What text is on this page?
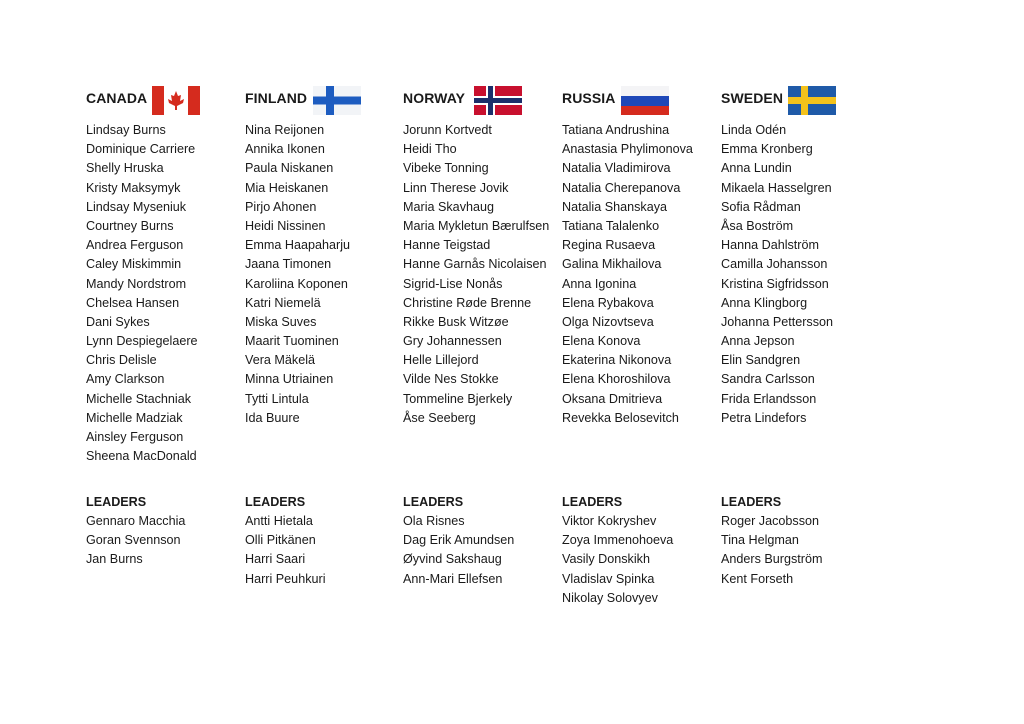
CANADA
Lindsay Burns
Dominique Carriere
Shelly Hruska
Kristy Maksymyk
Lindsay Myseniuk
Courtney Burns
Andrea Ferguson
Caley Miskimmin
Mandy Nordstrom
Chelsea Hansen
Dani Sykes
Lynn Despiegelaere
Chris Delisle
Amy Clarkson
Michelle Stachniak
Michelle Madziak
Ainsley Ferguson
Sheena MacDonald
LEADERS
Gennaro Macchia
Goran Svennson
Jan Burns
FINLAND
Nina Reijonen
Annika Ikonen
Paula Niskanen
Mia Heiskanen
Pirjo Ahonen
Heidi Nissinen
Emma Haapaharju
Jaana Timonen
Karoliina Koponen
Katri Niemelä
Miska Suves
Maarit Tuominen
Vera Mäkelä
Minna Utriainen
Tytti Lintula
Ida Buure
LEADERS
Antti Hietala
Olli Pitkänen
Harri Saari
Harri Peuhkuri
NORWAY
Jorunn Kortvedt
Heidi Tho
Vibeke Tonning
Linn Therese Jovik
Maria Skavhaug
Maria Mykletun Bærulfsen
Hanne Teigstad
Hanne Garnås Nicolaisen
Sigrid-Lise Nonås
Christine Røde Brenne
Rikke Busk Witzøe
Gry Johannessen
Helle Lillejord
Vilde Nes Stokke
Tommeline Bjerkely
Åse Seeberg
LEADERS
Ola Risnes
Dag Erik Amundsen
Øyvind Sakshaug
Ann-Mari Ellefsen
RUSSIA
Tatiana Andrushina
Anastasia Phylimonova
Natalia Vladimirova
Natalia Cherepanova
Natalia Shanskaya
Tatiana Talalenko
Regina Rusaeva
Galina Mikhailova
Anna Igonina
Elena Rybakova
Olga Nizovtseva
Elena Konova
Ekaterina Nikonova
Elena Khoroshilova
Oksana Dmitrieva
Revekka Belosevitch
LEADERS
Viktor Kokryshev
Zoya Immenohoeva
Vasily Donskikh
Vladislav Spinka
Nikolay Solovyev
SWEDEN
Linda Odén
Emma Kronberg
Anna Lundin
Mikaela Hasselgren
Sofia Rådman
Åsa Boström
Hanna Dahlström
Camilla Johansson
Kristina Sigfridsson
Anna Klingborg
Johanna Pettersson
Anna Jepson
Elin Sandgren
Sandra Carlsson
Frida Erlandsson
Petra Lindefors
LEADERS
Roger Jacobsson
Tina Helgman
Anders Burgström
Kent Forseth
